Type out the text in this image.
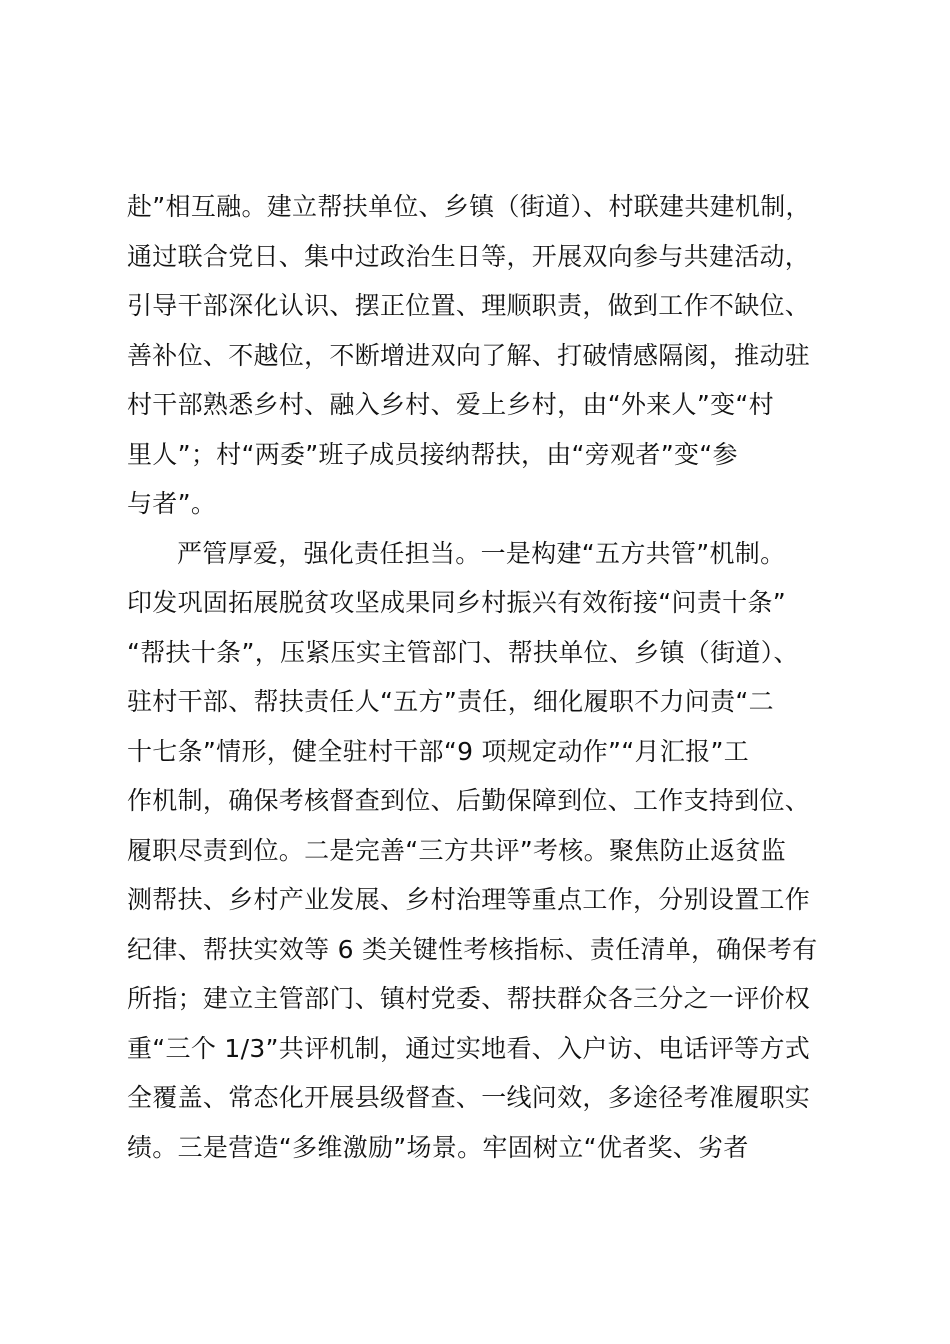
赴”相互融。建立帮扶单位、乡镇（街道）、村联建共建机制，
通过联合党日、集中过政治生日等，开展双向参与共建活动，
引导干部深化认识、摆正位置、理顺职责，做到工作不缺位、
善补位、不越位，不断增进双向了解、打破情感隔阂，推动驻
村干部熟悉乡村、融入乡村、爱上乡村，由“外来人”变“村
里人”；村“两委”班子成员接纳帮扶，由“旁观者”变“参
与者”。
严管厚爱，强化责任担当。一是构建“五方共管”机制。
印发巩固拓展脱贫攻坚成果同乡村振兴有效衔接“问责十条”
“帮扶十条”，压紧压实主管部门、帮扶单位、乡镇（街道）、
驻村干部、帮扶责任人“五方”责任，细化履职不力问责“二
十七条”情形，健全驻村干部“9 项规定动作”“月汇报”工
作机制，确保考核督查到位、后勤保障到位、工作支持到位、
履职尽责到位。二是完善“三方共评”考核。聚焦防止返贫监
测帮扶、乡村产业发展、乡村治理等重点工作，分别设置工作
纪律、帮扶实效等 6 类关键性考核指标、责任清单，确保考有
所指；建立主管部门、镇村党委、帮扶群众各三分之一评价权
重“三个 1/3”共评机制，通过实地看、入户访、电话评等方式
全覆盖、常态化开展县级督查、一线问效，多途径考准履职实
绩。三是营造“多维激励”场景。牢固树立“优者奖、劣者
